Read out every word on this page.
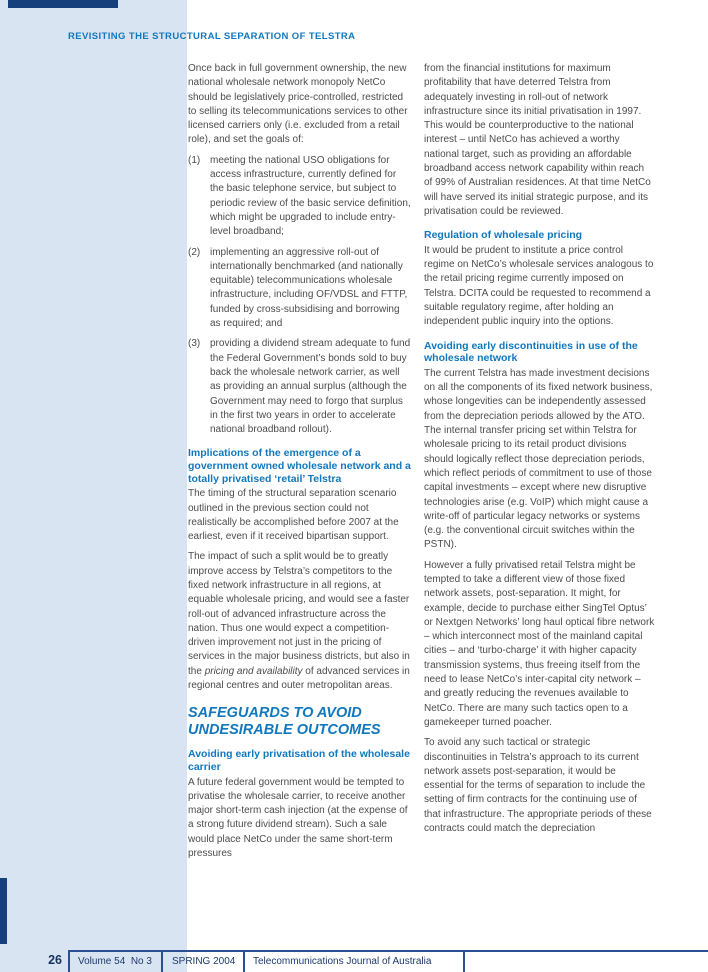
REVISITING THE STRUCTURAL SEPARATION OF TELSTRA

Once back in full government ownership, the new national wholesale network monopoly NetCo should be legislatively price-controlled, restricted to selling its telecommunications services to other licensed carriers only (i.e. excluded from a retail role), and set the goals of:

(1) meeting the national USO obligations for access infrastructure, currently defined for the basic telephone service, but subject to periodic review of the basic service definition, which might be upgraded to include entry-level broadband;
(2) implementing an aggressive roll-out of internationally benchmarked (and nationally equitable) telecommunications wholesale infrastructure, including OF/VDSL and FTTP, funded by cross-subsidising and borrowing as required; and
(3) providing a dividend stream adequate to fund the Federal Government’s bonds sold to buy back the wholesale network carrier, as well as providing an annual surplus (although the Government may need to forgo that surplus in the first two years in order to accelerate national broadband rollout).
Implications of the emergence of a government owned wholesale network and a totally privatised ‘retail’ Telstra

The timing of the structural separation scenario outlined in the previous section could not realistically be accomplished before 2007 at the earliest, even if it received bipartisan support.

The impact of such a split would be to greatly improve access by Telstra’s competitors to the fixed network infrastructure in all regions, at equable wholesale pricing, and would see a faster roll-out of advanced infrastructure across the nation. Thus one would expect a competition-driven improvement not just in the pricing of services in the major business districts, but also in the pricing and availability of advanced services in regional centres and outer metropolitan areas.

SAFEGUARDS TO AVOID UNDESIRABLE OUTCOMES
Avoiding early privatisation of the wholesale carrier

A future federal government would be tempted to privatise the wholesale carrier, to receive another major short-term cash injection (at the expense of a strong future dividend stream). Such a sale would place NetCo under the same short-term pressures

from the financial institutions for maximum profitability that have deterred Telstra from adequately investing in roll-out of network infrastructure since its initial privatisation in 1997. This would be counterproductive to the national interest – until NetCo has achieved a worthy national target, such as providing an affordable broadband access network capability within reach of 99% of Australian residences. At that time NetCo will have served its initial strategic purpose, and its privatisation could be reviewed.

Regulation of wholesale pricing

It would be prudent to institute a price control regime on NetCo’s wholesale services analogous to the retail pricing regime currently imposed on Telstra. DCITA could be requested to recommend a suitable regulatory regime, after holding an independent public inquiry into the options.

Avoiding early discontinuities in use of the wholesale network

The current Telstra has made investment decisions on all the components of its fixed network business, whose longevities can be independently assessed from the depreciation periods allowed by the ATO. The internal transfer pricing set within Telstra for wholesale pricing to its retail product divisions should logically reflect those depreciation periods, which reflect periods of commitment to use of those capital investments – except where new disruptive technologies arise (e.g. VoIP) which might cause a write-off of particular legacy networks or systems (e.g. the conventional circuit switches within the PSTN).

However a fully privatised retail Telstra might be tempted to take a different view of those fixed network assets, post-separation. It might, for example, decide to purchase either SingTel Optus’ or Nextgen Networks’ long haul optical fibre network – which interconnect most of the mainland capital cities – and ‘turbo-charge’ it with higher capacity transmission systems, thus freeing itself from the need to lease NetCo’s inter-capital city network – and greatly reducing the revenues available to NetCo. There are many such tactics open to a gamekeeper turned poacher.

To avoid any such tactical or strategic discontinuities in Telstra’s approach to its current network assets post-separation, it would be essential for the terms of separation to include the setting of firm contracts for the continuing use of that infrastructure. The appropriate periods of these contracts could match the depreciation

26 Volume 54  No 3 SPRING 2004 Telecommunications Journal of Australia
